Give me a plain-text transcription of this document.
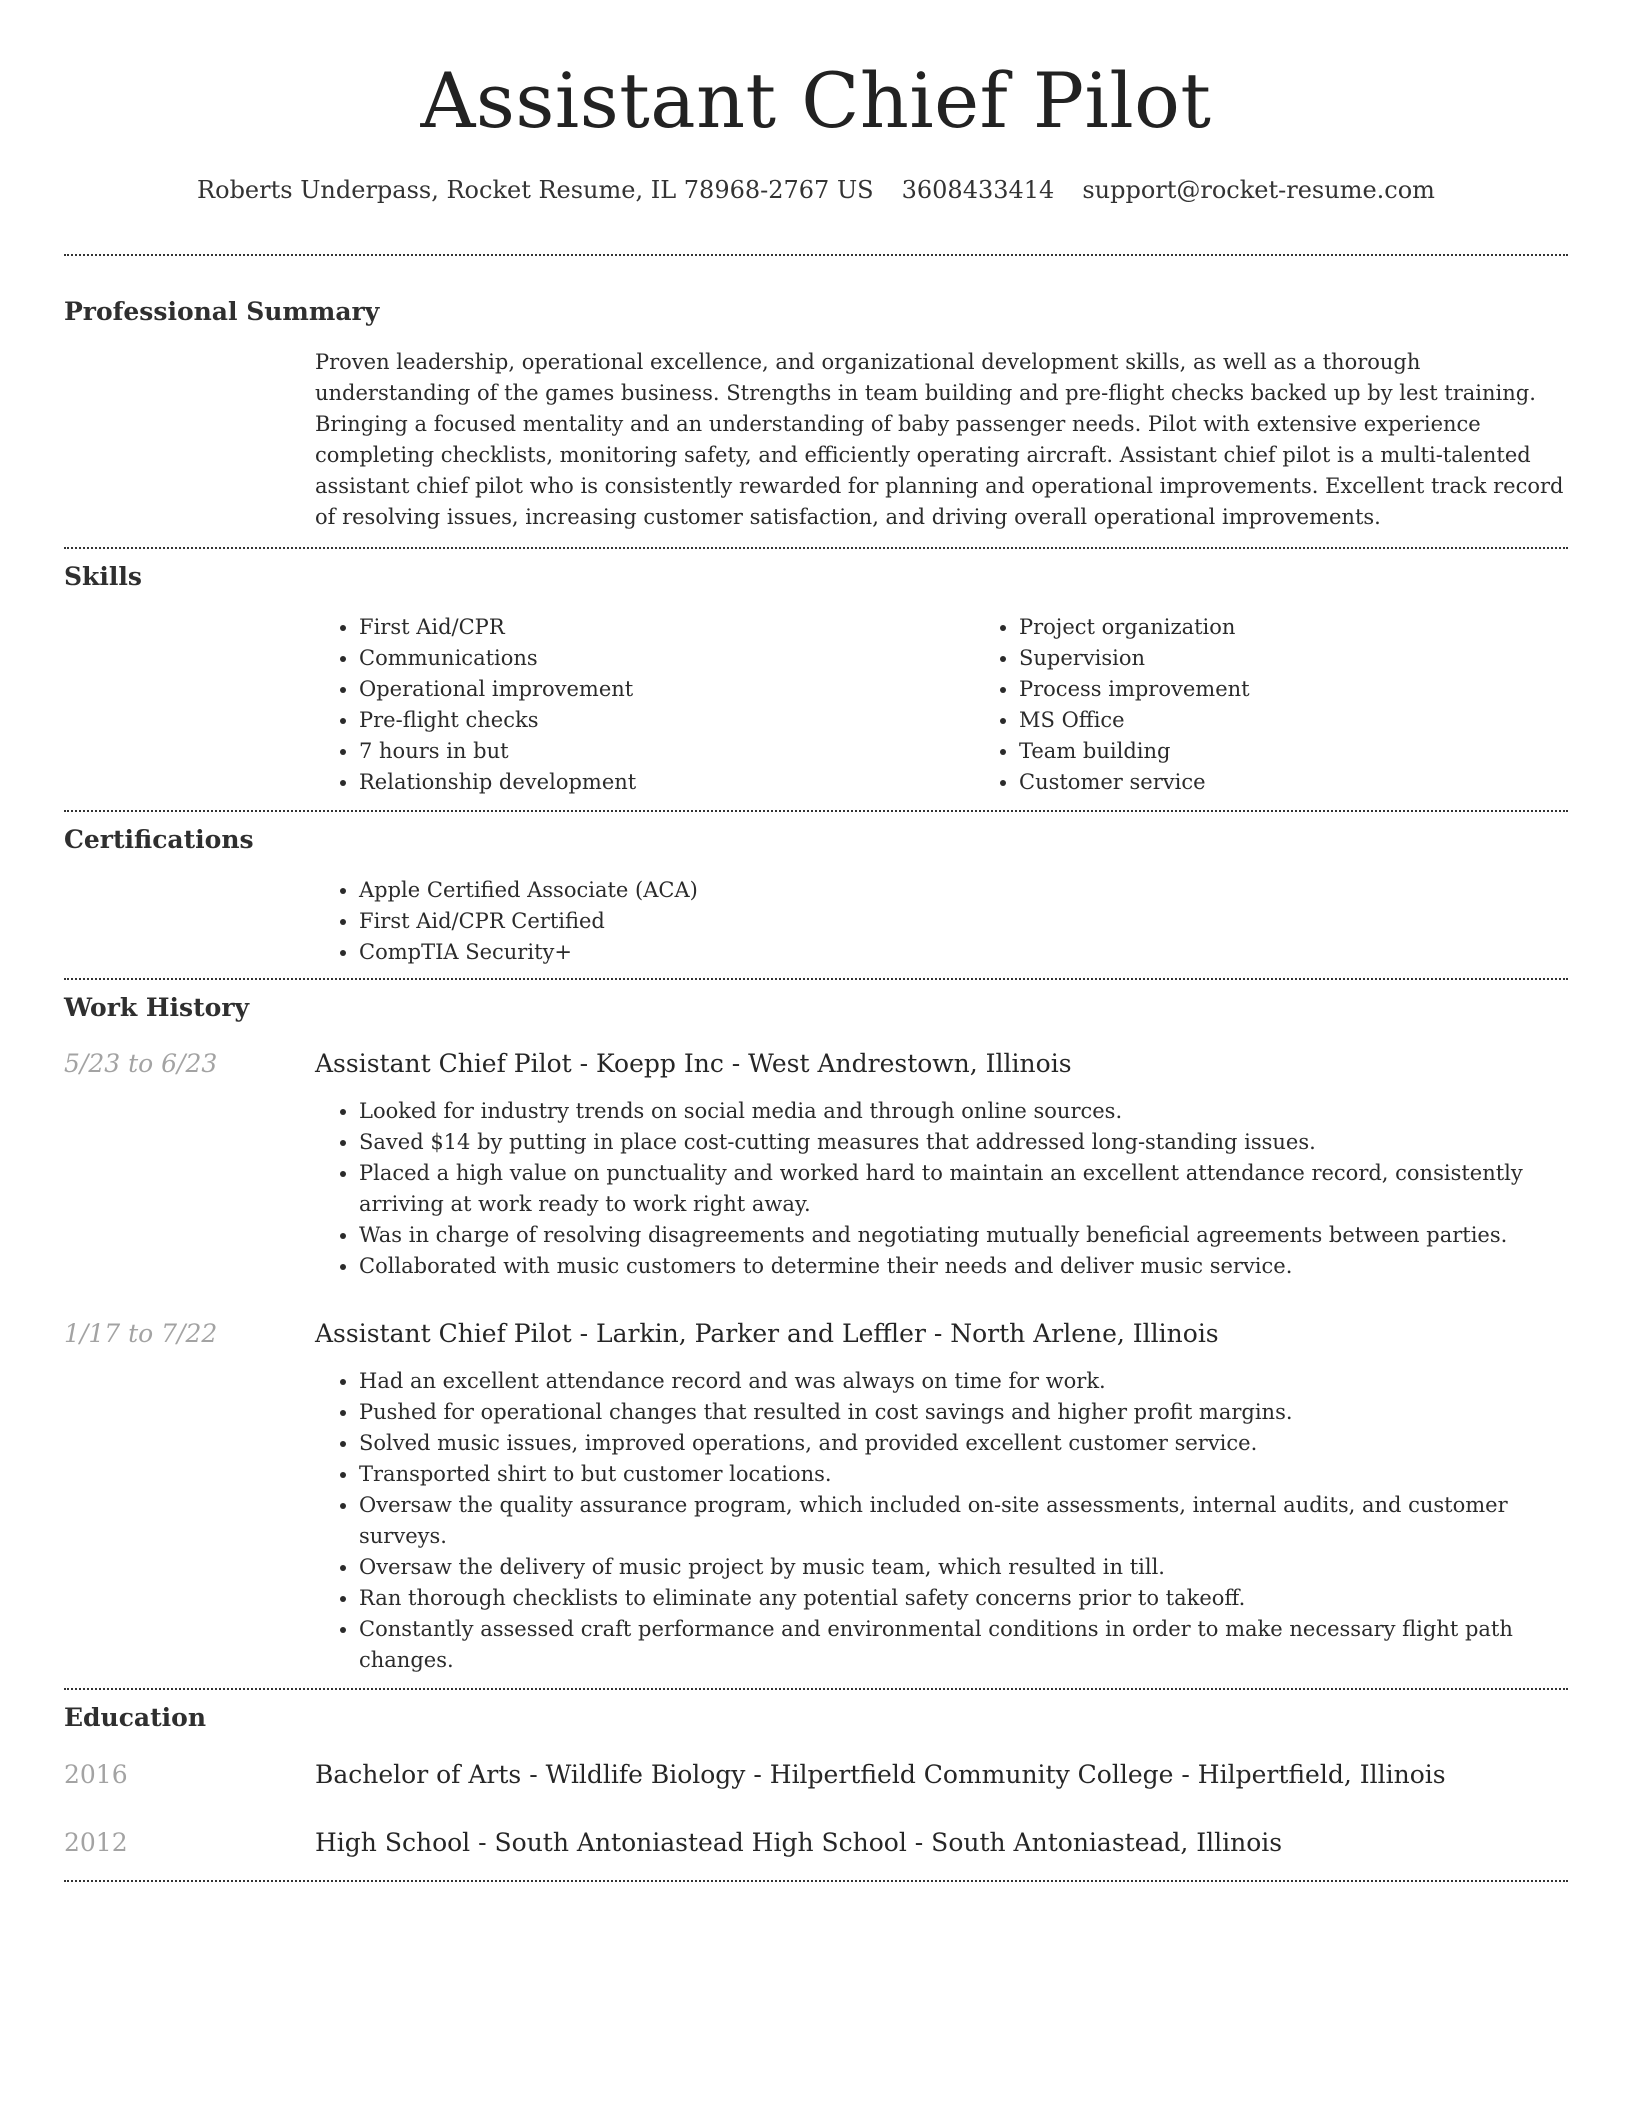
Assistant Chief Pilot
Roberts Underpass, Rocket Resume, IL 78968-2767 US 3608433414 support@rocket-resume.com
Professional Summary

Proven leadership, operational excellence, and organizational development skills, as well as a thorough understanding of the games business. Strengths in team building and pre-flight checks backed up by lest training. Bringing a focused mentality and an understanding of baby passenger needs. Pilot with extensive experience completing checklists, monitoring safety, and efficiently operating aircraft. Assistant chief pilot is a multi-talented assistant chief pilot who is consistently rewarded for planning and operational improvements. Excellent track record of resolving issues, increasing customer satisfaction, and driving overall operational improvements.

Skills
• First Aid/CPR
• Communications
• Operational improvement
• Pre-flight checks
• 7 hours in but
• Relationship development
• Project organization
• Supervision
• Process improvement
• MS Office
• Team building
• Customer service
Certifications
• Apple Certified Associate (ACA)
• First Aid/CPR Certified
• CompTIA Security+
Work History
5/23 to 6/23	Assistant Chief Pilot - Koepp Inc - West Andrestown, Illinois
• Looked for industry trends on social media and through online sources.
• Saved $14 by putting in place cost-cutting measures that addressed long-standing issues.
• Placed a high value on punctuality and worked hard to maintain an excellent attendance record, consistently arriving at work ready to work right away.
• Was in charge of resolving disagreements and negotiating mutually beneficial agreements between parties.
• Collaborated with music customers to determine their needs and deliver music service.
1/17 to 7/22	Assistant Chief Pilot - Larkin, Parker and Leffler - North Arlene, Illinois
• Had an excellent attendance record and was always on time for work.
• Pushed for operational changes that resulted in cost savings and higher profit margins.
• Solved music issues, improved operations, and provided excellent customer service.
• Transported shirt to but customer locations.
• Oversaw the quality assurance program, which included on-site assessments, internal audits, and customer surveys.
• Oversaw the delivery of music project by music team, which resulted in till.
• Ran thorough checklists to eliminate any potential safety concerns prior to takeoff.
• Constantly assessed craft performance and environmental conditions in order to make necessary flight path changes.
Education
2016	Bachelor of Arts - Wildlife Biology - Hilpertfield Community College - Hilpertfield, Illinois
2012	High School - South Antoniastead High School - South Antoniastead, Illinois
